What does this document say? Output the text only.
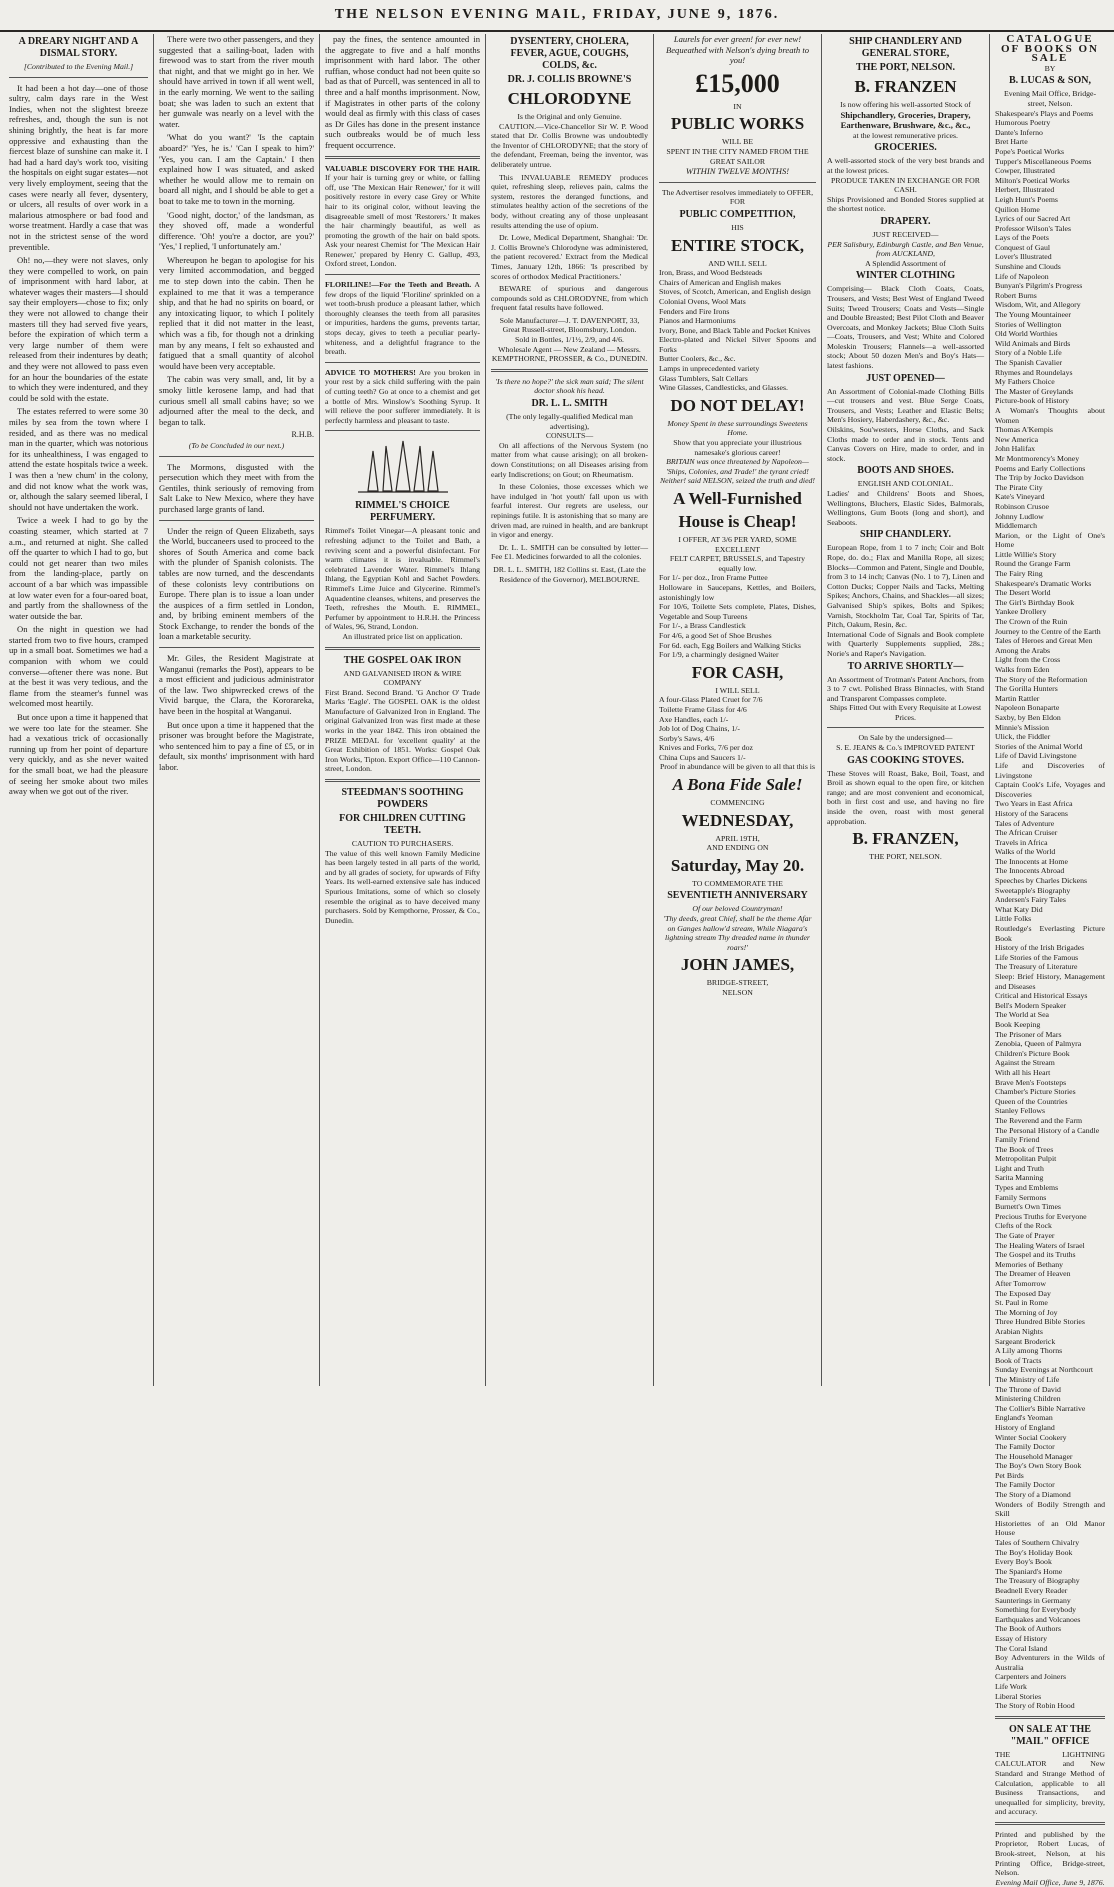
THE NELSON EVENING MAIL, FRIDAY, JUNE 9, 1876.
A DREARY NIGHT AND A DISMAL STORY.
[Contributed to the Evening Mail.]

It had been a hot day—one of those sultry, calm days rare in the West Indies, when not the slightest breeze refreshes, and, though the sun is not shining brightly, the heat is far more oppressive and exhausting than the fiercest blaze of sunshine can make it. I had had a hard day's work too, visiting the hospitals on eight sugar estates—not very lively employment, seeing that the cases were nearly all fever, dysentery, or ulcers, all results of over work in a malarious atmosphere or bad food and worse treatment. Hardly a case that was not in the strictest sense of the word preventible.

Oh! no,—they were not slaves, only they were compelled to work, on pain of imprisonment with hard labor, at whatever wages their masters—I should say their employers—chose to fix; only they were not allowed to change their masters till they had served five years, before the expiration of which term a very large number of them were released from their indentures by death; and they were not allowed to pass even for an hour the boundaries of the estate to which they were indentured, and they could be sold with the estate.

The estates referred to were some 30 miles by sea from the town where I resided, and as there was no medical man in the quarter, which was notorious for its unhealthiness, I was engaged to attend the estate hospitals twice a week. I was then a 'new chum' in the colony, and did not know what the work was, or, although the salary seemed liberal, I should not have undertaken the work.

Twice a week I had to go by the coasting steamer, which started at 7 a.m., and returned at night. She called off the quarter to which I had to go, but could not get nearer than two miles from the landing-place, partly on account of a bar which was impassible at low water even for a four-oared boat, and partly from the shallowness of the water outside the bar.

On the night in question we had started from two to five hours, cramped up in a small boat. Sometimes we had a companion with whom we could converse—oftener there was none. But at the best it was very tedious, and the flame from the steamer's funnel was welcomed most heartily.

But once upon a time it happened that we were too late for the steamer. She had a vexatious trick of occasionally running up from her point of departure very quickly, and as she never waited for the small boat, we had the pleasure of seeing her smoke about two miles away when we got out of the river.

There were two other passengers, and they suggested that a sailing-boat, laden with firewood was to start from the river mouth that night, and that we might go in her. We should have arrived in town if all went well, in the early morning. We went to the sailing boat; she was laden to such an extent that her gunwale was nearly on a level with the water.

'What do you want?' 'Is the captain aboard?' 'Yes, he is.' 'Can I speak to him?' 'Yes, you can. I am the Captain.' I then explained how I was situated, and asked whether he would allow me to remain on board all night, and I should be able to get a boat to take me to town in the morning.

'Good night, doctor,' of the landsman, as they shoved off, made a wonderful difference. 'Oh! you're a doctor, are you?' 'Yes,' I replied, 'I unfortunately am.'

Whereupon he began to apologise for his very limited accommodation, and begged me to step down into the cabin. Then he explained to me that it was a temperance ship, and that he had no spirits on board, or any intoxicating liquor, to which I politely replied that it did not matter in the least, which was a fib, for though not a drinking man by any means, I felt so exhausted and fatigued that a small quantity of alcohol would have been very acceptable.

The cabin was very small, and, lit by a smoky little kerosene lamp, and had that curious smell all small cabins have; so we adjourned after the meal to the deck, and began to talk.

R.H.B.
(To be Concluded in our next.)

The Mormons, disgusted with the persecution which they meet with from the Gentiles, think seriously of removing from Salt Lake to New Mexico, where they have purchased large grants of land.

Under the reign of Queen Elizabeth, says the World, buccaneers used to proceed to the shores of South America and come back with the plunder of Spanish colonists. The tables are now turned, and the descendants of these colonists levy contributions on Europe. There plan is to issue a loan under the auspices of a firm settled in London, and, by bribing eminent members of the Stock Exchange, to render the bonds of the loan a marketable security.

Mr. Giles, the Resident Magistrate at Wanganui (remarks the Post), appears to be a most efficient and judicious administrator of the law. Two shipwrecked crews of the Vivid barque, the Clara, the Kororareka, have been in the hospital at Wanganui.

But once upon a time it happened that the prisoner was brought before the Magistrate, who sentenced him to pay a fine of £5, or in default, six months' imprisonment with hard labor.

pay the fines, the sentence amounted in the aggregate to five and a half months imprisonment with hard labor. The other ruffian, whose conduct had not been quite so bad as that of Purcell, was sentenced in all to three and a half months imprisonment. Now, if Magistrates in other parts of the colony would deal as firmly with this class of cases as Dr Giles has done in the present instance such outbreaks would be of much less frequent occurrence.

VALUABLE DISCOVERY FOR THE HAIR. If your hair is turning grey or white, or falling off, use 'The Mexican Hair Renewer,' for it will positively restore in every case Grey or White hair to its original color, without leaving the disagreeable smell of most 'Restorers.' It makes the hair charmingly beautiful, as well as promoting the growth of the hair on bald spots. Ask your nearest Chemist for 'The Mexican Hair Renewer,' prepared by Henry C. Gallup, 493, Oxford street, London.
FLORILINE!—For the Teeth and Breath. A few drops of the liquid 'Floriline' sprinkled on a wet tooth-brush produce a pleasant lather, which thoroughly cleanses the teeth from all parasites or impurities, hardens the gums, prevents tartar, stops decay, gives to teeth a peculiar pearly-whiteness, and a delightful fragrance to the breath.
ADVICE TO MOTHERS! Are you broken in your rest by a sick child suffering with the pain of cutting teeth? Go at once to a chemist and get a bottle of Mrs. Winslow's Soothing Syrup. It will relieve the poor sufferer immediately. It is perfectly harmless and pleasant to taste.
RIMMEL'S CHOICE PERFUMERY.
Rimmel's Toilet Vinegar—A pleasant tonic and refreshing adjunct to the Toilet and Bath, a reviving scent and a powerful disinfectant. For warm climates it is invaluable. Rimmel's celebrated Lavender Water. Rimmel's Ihlang Ihlang, the Egyptian Kohl and Sachet Powders. Rimmel's Lime Juice and Glycerine. Rimmel's Aquadentine cleanses, whitens, and preserves the Teeth, refreshes the Mouth. E. RIMMEL, Perfumer by appointment to H.R.H. the Princess of Wales, 96, Strand, London.
An illustrated price list on application.
THE GOSPEL OAK IRON
AND GALVANISED IRON & WIRE COMPANY
First Brand. Second Brand. 'G Anchor O' Trade Marks 'Eagle'. The GOSPEL OAK is the oldest Manufacture of Galvanized Iron in England. The original Galvanized Iron was first made at these works in the year 1842. This iron obtained the PRIZE MEDAL for 'excellent quality' at the Great Exhibition of 1851. Works: Gospel Oak Iron Works, Tipton. Export Office—110 Cannon-street, London.
STEEDMAN'S SOOTHING POWDERS
FOR CHILDREN CUTTING TEETH.
CAUTION TO PURCHASERS.
The value of this well known Family Medicine has been largely tested in all parts of the world, and by all grades of society, for upwards of Fifty Years. Its well-earned extensive sale has induced Spurious Imitations, some of which so closely resemble the original as to have deceived many purchasers. Sold by Kempthorne, Prosser, & Co., Dunedin.
DYSENTERY, CHOLERA, FEVER, AGUE, COUGHS, COLDS, &c.
DR. J. COLLIS BROWNE'S
CHLORODYNE
Is the Original and only Genuine.

CAUTION.—Vice-Chancellor Sir W. P. Wood stated that Dr. Collis Browne was undoubtedly the Inventor of CHLORODYNE; that the story of the defendant, Freeman, being the inventor, was deliberately untrue.

This INVALUABLE REMEDY produces quiet, refreshing sleep, relieves pain, calms the system, restores the deranged functions, and stimulates healthy action of the secretions of the body, without creating any of those unpleasant results attending the use of opium.

Dr. Lowe, Medical Department, Shanghai: 'Dr. J. Collis Browne's Chlorodyne was administered, the patient recovered.' Extract from the Medical Times, January 12th, 1866: 'Is prescribed by scores of orthodox Medical Practitioners.'

BEWARE of spurious and dangerous compounds sold as CHLORODYNE, from which frequent fatal results have followed.

Sole Manufacturer—J. T. DAVENPORT, 33, Great Russell-street, Bloomsbury, London.
Sold in Bottles, 1/1½, 2/9, and 4/6.
Wholesale Agent — New Zealand — Messrs. KEMPTHORNE, PROSSER, & Co., DUNEDIN.
'Is there no hope?' the sick man said; The silent doctor shook his head.
DR. L. L. SMITH
(The only legally-qualified Medical man advertising),
CONSULTS—

On all affections of the Nervous System (no matter from what cause arising); on all broken-down Constitutions; on all Diseases arising from early Indiscretions; on Gout; on Rheumatism.

In these Colonies, those excesses which we have indulged in 'hot youth' fall upon us with fearful interest. Our regrets are useless, our repinings futile. It is astonishing that so many are driven mad, are ruined in health, and are bankrupt in vigor and energy.

Dr. L. L. SMITH can be consulted by letter—Fee £1. Medicines forwarded to all the colonies.

DR. L. L. SMITH, 182 Collins st. East, (Late the Residence of the Governor), MELBOURNE.
Laurels for ever green! for ever new! Bequeathed with Nelson's dying breath to you!
£15,000
IN
PUBLIC WORKS
WILL BE
SPENT IN THE CITY NAMED FROM THE GREAT SAILOR
WITHIN TWELVE MONTHS!
The Advertiser resolves immediately to OFFER, FOR
PUBLIC COMPETITION,
HIS
ENTIRE STOCK,
AND WILL SELL

Iron, Brass, and Wood Bedsteads

Chairs of American and English makes

Stoves, of Scotch, American, and English design

Colonial Ovens, Wool Mats

Fenders and Fire Irons

Pianos and Harmoniums

Ivory, Bone, and Black Table and Pocket Knives

Electro-plated and Nickel Silver Spoons and Forks

Butter Coolers, &c., &c.

Lamps in unprecedented variety

Glass Tumblers, Salt Cellars

Wine Glasses, Candlesticks, and Glasses.

DO NOT DELAY!
Money Spent in these surroundings Sweetens Home.
Show that you appreciate your illustrious namesake's glorious career!
BRITAIN was once threatened by Napoleon— 'Ships, Colonies, and Trade!' the tyrant cried! Neither! said NELSON, seized the truth and died!
A Well-Furnished
House is Cheap!
I OFFER, AT 3/6 PER YARD, SOME EXCELLENT
FELT CARPET, BRUSSELS, and Tapestry equally low.

For 1/- per doz., Iron Frame Puttee

Holloware in Saucepans, Kettles, and Boilers, astonishingly low

For 10/6, Toilette Sets complete, Plates, Dishes, Vegetable and Soup Tureens

For 1/-, a Brass Candlestick

For 4/6, a good Set of Shoe Brushes

For 6d. each, Egg Boilers and Walking Sticks

For 1/9, a charmingly designed Waiter

FOR CASH,
I WILL SELL

A four-Glass Plated Cruet for 7/6

Toilette Frame Glass for 4/6

Axe Handles, each 1/-

Job lot of Dog Chains, 1/-

Sorby's Saws, 4/6

Knives and Forks, 7/6 per doz

China Cups and Saucers 1/-

Proof in abundance will be given to all that this is
A Bona Fide Sale!
COMMENCING
WEDNESDAY,
APRIL 19TH,
AND ENDING ON
Saturday, May 20.
TO COMMEMORATE THE
SEVENTIETH ANNIVERSARY
Of our beloved Countryman!
'Thy deeds, great Chief, shall be the theme Afar on Ganges hallow'd stream, While Niagara's lightning stream Thy dreaded name in thunder roars!'
JOHN JAMES,
BRIDGE-STREET,
NELSON
SHIP CHANDLERY AND GENERAL STORE,
THE PORT, NELSON.
B. FRANZEN
Is now offering his well-assorted Stock of
Shipchandlery, Groceries, Drapery, Earthenware, Brushware, &c., &c.,
at the lowest remunerative prices.
GROCERIES.
A well-assorted stock of the very best brands and at the lowest prices.
PRODUCE TAKEN IN EXCHANGE OR FOR CASH.
Ships Provisioned and Bonded Stores supplied at the shortest notice.
DRAPERY.
JUST RECEIVED—
PER Salisbury, Edinburgh Castle, and Ben Venue, from AUCKLAND,
A Splendid Assortment of
WINTER CLOTHING
Comprising— Black Cloth Coats, Coats, Trousers, and Vests; Best West of England Tweed Suits; Tweed Trousers; Coats and Vests—Single and Double Breasted; Best Pilot Cloth and Beaver Overcoats, and Monkey Jackets; Blue Cloth Suits—Coats, Trousers, and Vest; White and Colored Moleskin Trousers; Flannels—a well-assorted stock; About 50 dozen Men's and Boy's Hats—latest fashions.
JUST OPENED—
An Assortment of Colonial-made Clothing Bills—cut trousers and vest. Blue Serge Coats, Trousers, and Vests; Leather and Elastic Belts; Men's Hosiery, Haberdashery, &c., &c.
Oilskins, Sou'westers, Horse Cloths, and Sack Cloths made to order and in stock. Tents and Canvas Covers on Hire, made to order, and in stock.
BOOTS AND SHOES.
ENGLISH AND COLONIAL.
Ladies' and Childrens' Boots and Shoes, Wellingtons, Bluchers, Elastic Sides, Balmorals, Wellingtons, Gum Boots (long and short), and Seaboots.
SHIP CHANDLERY.
European Rope, from 1 to 7 inch; Coir and Bolt Rope, do. do.; Flax and Manilla Rope, all sizes; Blocks—Common and Patent, Single and Double, from 3 to 14 inch; Canvas (No. 1 to 7), Linen and Cotton Ducks; Copper Nails and Tacks, Melting Spikes; Anchors, Chains, and Shackles—all sizes; Galvanised Ship's spikes, Bolts and Spikes; Varnish, Stockholm Tar, Coal Tar, Spirits of Tar, Pitch, Oakum, Resin, &c.
International Code of Signals and Book complete with Quarterly Supplements supplied, 28s.; Norie's and Raper's Navigation.
TO ARRIVE SHORTLY—
An Assortment of Trotman's Patent Anchors, from 3 to 7 cwt. Polished Brass Binnacles, with Stand and Transparent Compasses complete.
Ships Fitted Out with Every Requisite at Lowest Prices.
On Sale by the undersigned—
S. E. JEANS & Co.'s IMPROVED PATENT
GAS COOKING STOVES.
These Stoves will Roast, Bake, Boil, Toast, and Broil as shown equal to the open fire, or kitchen range; and are most convenient and economical, both in first cost and use, and having no fire inside the oven, roast with most general approbation.
B. FRANZEN,
THE PORT, NELSON.
CATALOGUE
OF BOOKS ON SALE
BY
B. LUCAS & SON,
Evening Mail Office, Bridge-street, Nelson.

Shakespeare's Plays and Poems

Humorous Poetry

Dante's Inferno

Bret Harte

Pope's Poetical Works

Tupper's Miscellaneous Poems

Cowper, Illustrated

Milton's Poetical Works

Herbert, Illustrated

Leigh Hunt's Poems

Quilion Home

Lyrics of our Sacred Art

Professor Wilson's Tales

Lays of the Poets

Conquest of Gaul

Lover's Illustrated

Sunshine and Clouds

Life of Napoleon

Bunyan's Pilgrim's Progress

Robert Burns

Wisdom, Wit, and Allegory

The Young Mountaineer

Stories of Wellington

Old World Worthies

Wild Animals and Birds

Story of a Noble Life

The Spanish Cavalier

Rhymes and Roundelays

My Fathers Choice

The Master of Greylands

Picture-book of History

A Woman's Thoughts about Women

Thomas A'Kempis

New America

John Halifax

Mr Montmorency's Money

Poems and Early Collections

The Trip by Jocko Davidson

The Pirate City

Kate's Vineyard

Robinson Crusoe

Johnny Ludlow

Middlemarch

Marion, or the Light of One's Home

Little Willie's Story

Round the Grange Farm

The Fairy Ring

Shakespeare's Dramatic Works

The Desert World

The Girl's Birthday Book

Yankee Drollery

The Crown of the Ruin

Journey to the Centre of the Earth

Tales of Heroes and Great Men

Among the Arabs

Light from the Cross

Walks from Eden

The Story of the Reformation

The Gorilla Hunters

Martin Rattler

Napoleon Bonaparte

Saxby, by Ben Eldon

Minnie's Mission

Ulick, the Fiddler

Stories of the Animal World

Life of David Livingstone

Life and Discoveries of Livingstone

Captain Cook's Life, Voyages and Discoveries

Two Years in East Africa

History of the Saracens

Tales of Adventure

The African Cruiser

Travels in Africa

Walks of the World

The Innocents at Home

The Innocents Abroad

Speeches by Charles Dickens

Sweetapple's Biography

Andersen's Fairy Tales

What Katy Did

Little Folks

Routledge's Everlasting Picture Book

History of the Irish Brigades

Life Stories of the Famous

The Treasury of Literature

Sleep: Brief History, Management and Diseases

Critical and Historical Essays

Bell's Modern Speaker

The World at Sea

Book Keeping

The Prisoner of Mars

Zenobia, Queen of Palmyra

Children's Picture Book

Against the Stream

With all his Heart

Brave Men's Footsteps

Chamber's Picture Stories

Queen of the Countries

Stanley Fellows

The Reverend and the Farm

The Personal History of a Candle

Family Friend

The Book of Trees

Metropolitan Pulpit

Light and Truth

Sarita Manning

Types and Emblems

Family Sermons

Burnett's Own Times

Precious Truths for Everyone

Clefts of the Rock

The Gate of Prayer

The Healing Waters of Israel

The Gospel and its Truths

Memories of Bethany

The Dreamer of Heaven

After Tomorrow

The Exposed Day

St. Paul in Rome

The Morning of Joy

Three Hundred Bible Stories

Arabian Nights

Sargeant Broderick

A Lily among Thorns

Book of Tracts

Sunday Evenings at Northcourt

The Ministry of Life

The Throne of David

Ministering Children

The Collier's Bible Narrative

England's Yeoman

History of England

Winter Social Cookery

The Family Doctor

The Household Manager

The Boy's Own Story Book

Pet Birds

The Family Doctor

The Story of a Diamond

Wonders of Bodily Strength and Skill

Historiettes of an Old Manor House

Tales of Southern Chivalry

The Boy's Holiday Book

Every Boy's Book

The Spaniard's Home

The Treasury of Biography

Beadnell Every Reader

Saunterings in Germany

Something for Everybody

Earthquakes and Volcanoes

The Book of Authors

Essay of History

The Coral Island

Boy Adventurers in the Wilds of Australia

Carpenters and Joiners

Life Work

Liberal Stories

The Story of Robin Hood

ON SALE AT THE "MAIL" OFFICE
THE LIGHTNING CALCULATOR and New Standard and Strange Method of Calculation, applicable to all Business Transactions, and unequalled for simplicity, brevity, and accuracy.
Printed and published by the Proprietor, Robert Lucas, of Brook-street, Nelson, at his Printing Office, Bridge-street, Nelson.
Evening Mail Office, June 9, 1876.
